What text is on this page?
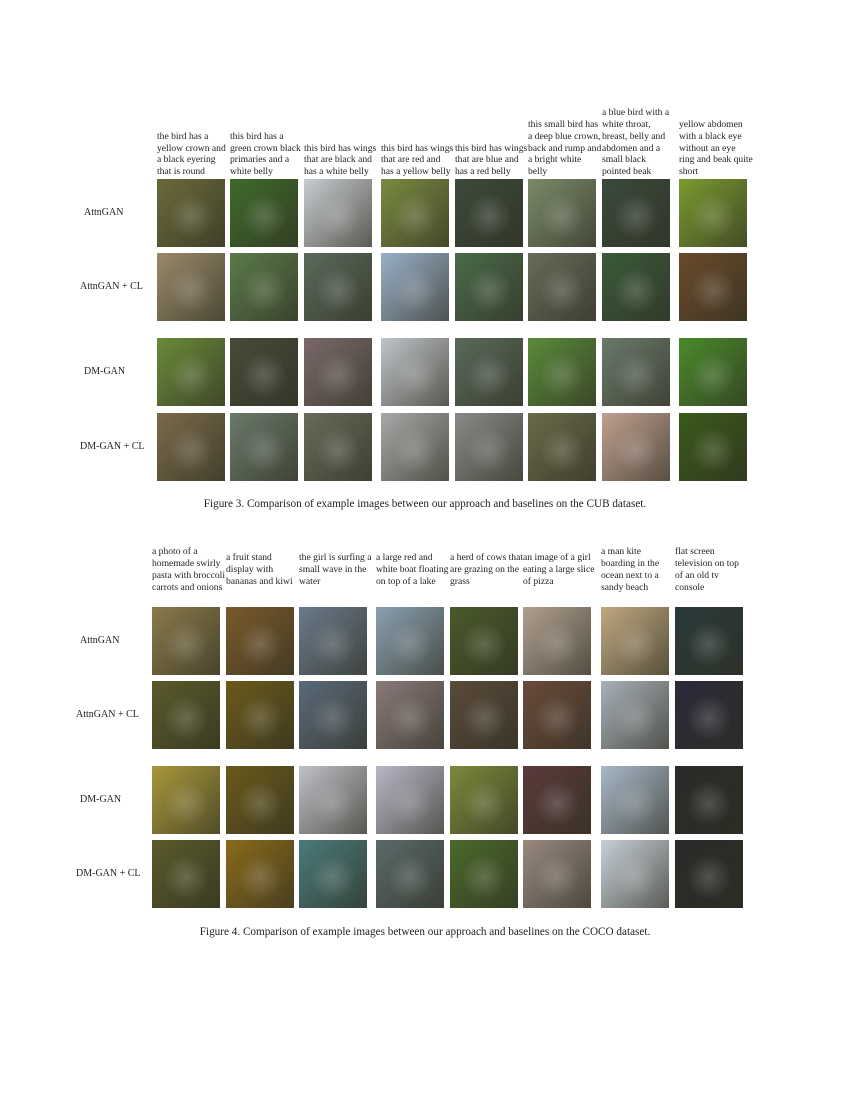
the bird has a yellow crown and a black eyering that is round
this bird has a green crown black primaries and a white belly
this bird has wings that are black and has a white belly
this bird has wings that are red and has a yellow belly
this bird has wings that are blue and has a red belly
this small bird has a deep blue crown, back and rump and a bright white belly
a blue bird with a white throat, breast, belly and abdomen and a small black pointed beak
yellow abdomen with a black eye without an eye ring and beak quite short
AttnGAN
AttnGAN + CL
DM-GAN
DM-GAN + CL
Figure 3. Comparison of example images between our approach and baselines on the CUB dataset.
a photo of a homemade swirly pasta with broccoli carrots and onions
a fruit stand display with bananas and kiwi
the girl is surfing a small wave in the water
a large red and white boat floating on top of a lake
a herd of cows that are grazing on the grass
an image of a girl eating a large slice of pizza
a man kite boarding in the ocean next to a sandy beach
flat screen television on top of an old tv console
AttnGAN
AttnGAN + CL
DM-GAN
DM-GAN + CL
Figure 4. Comparison of example images between our approach and baselines on the COCO dataset.
